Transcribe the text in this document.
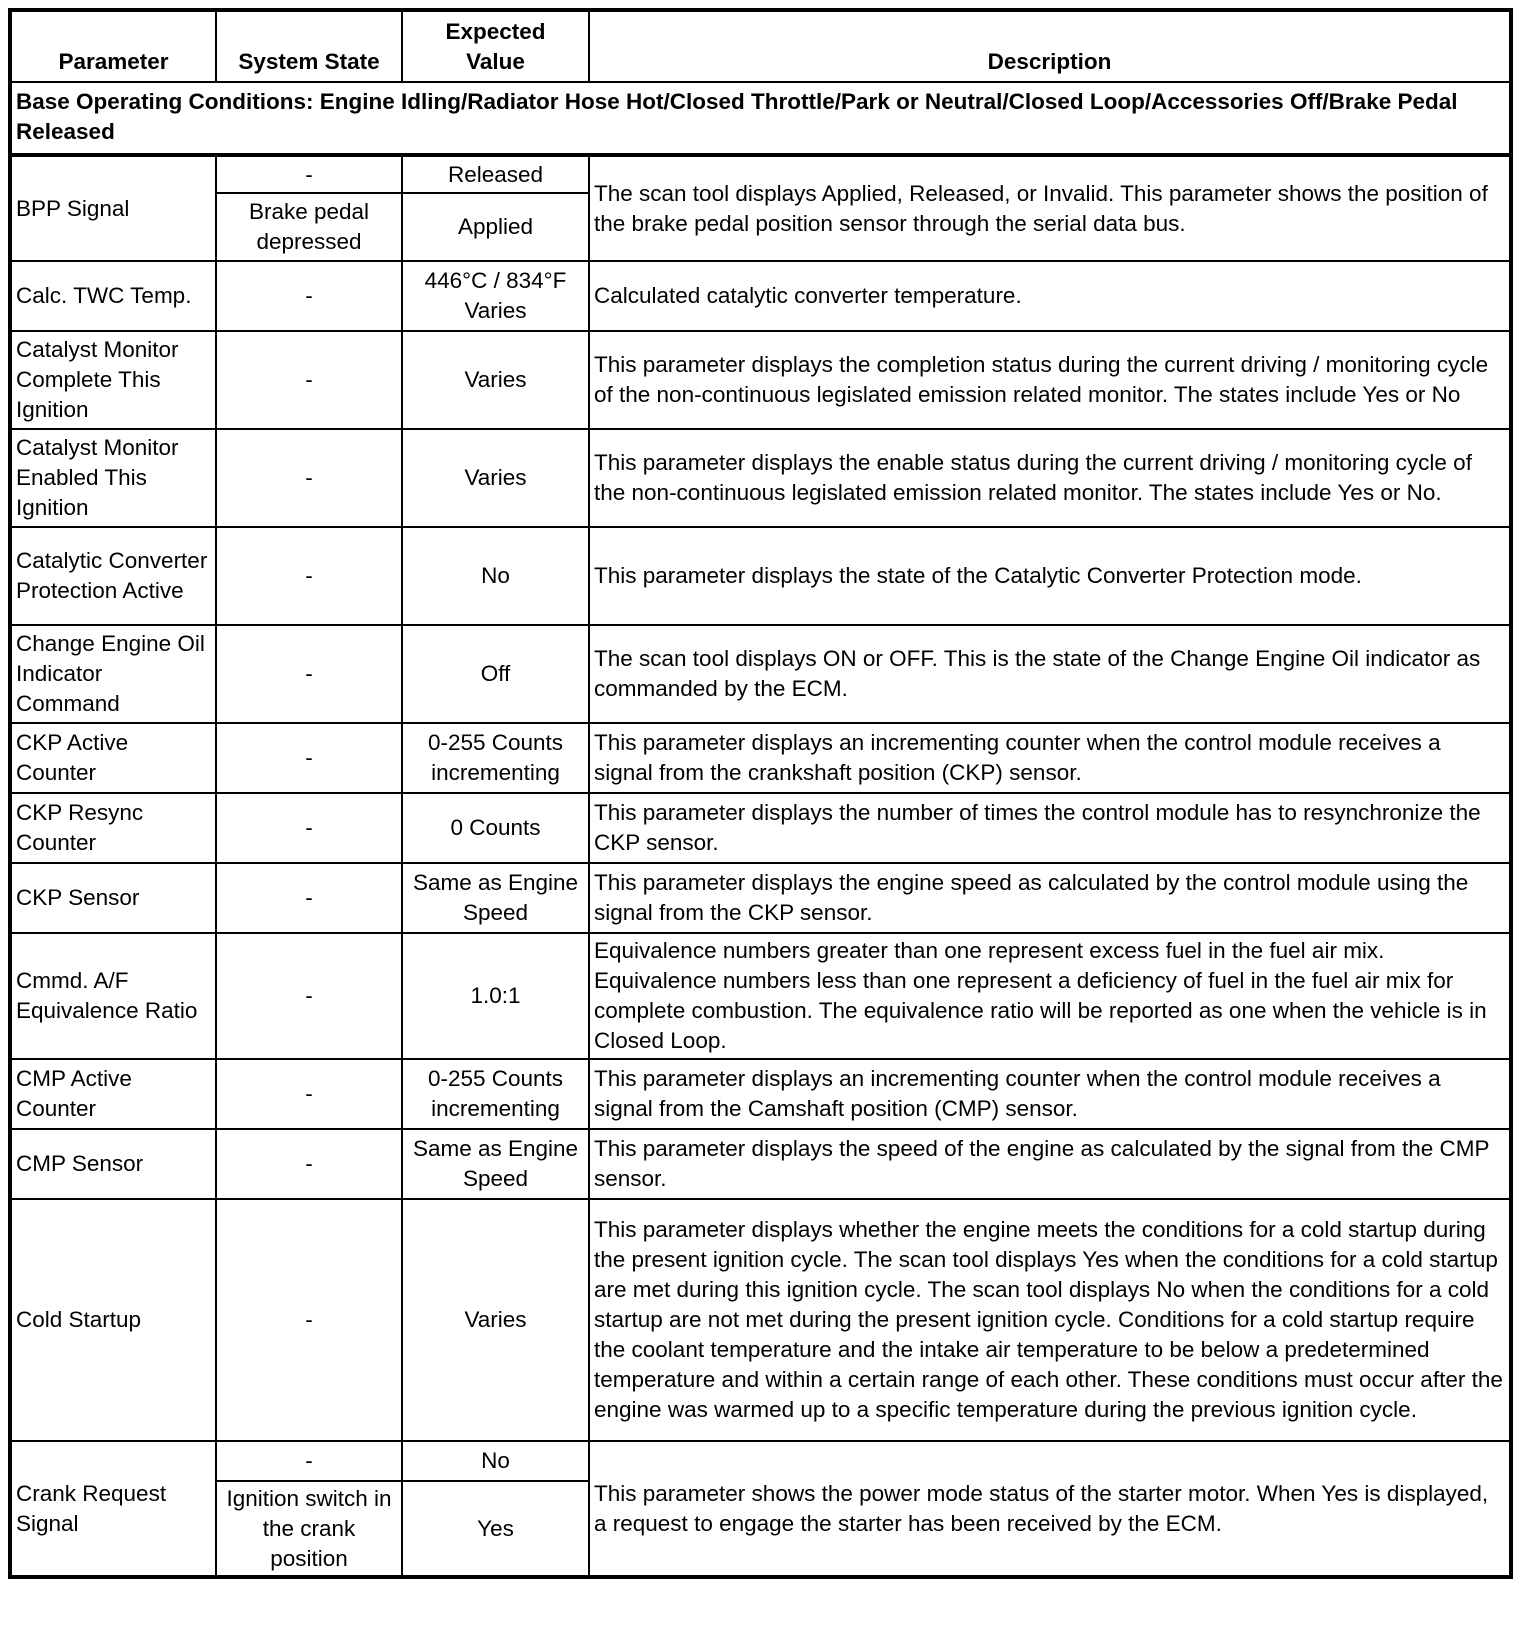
Parameter	System State	Expected Value	Description
Base Operating Conditions: Engine Idling/Radiator Hose Hot/Closed Throttle/Park or Neutral/Closed Loop/Accessories Off/Brake Pedal Released			
BPP Signal	-	Released	The scan tool displays Applied, Released, or Invalid. This parameter shows the position of the brake pedal position sensor through the serial data bus.
	Brake pedal depressed	Applied	
Calc. TWC Temp.	-	446°C / 834°F Varies	Calculated catalytic converter temperature.
Catalyst Monitor Complete This Ignition	-	Varies	This parameter displays the completion status during the current driving / monitoring cycle of the non-continuous legislated emission related monitor. The states include Yes or No
Catalyst Monitor Enabled This Ignition	-	Varies	This parameter displays the enable status during the current driving / monitoring cycle of the non-continuous legislated emission related monitor. The states include Yes or No.
Catalytic Converter Protection Active	-	No	This parameter displays the state of the Catalytic Converter Protection mode.
Change Engine Oil Indicator Command	-	Off	The scan tool displays ON or OFF. This is the state of the Change Engine Oil indicator as commanded by the ECM.
CKP Active Counter	-	0-255 Counts incrementing	This parameter displays an incrementing counter when the control module receives a signal from the crankshaft position (CKP) sensor.
CKP Resync Counter	-	0 Counts	This parameter displays the number of times the control module has to resynchronize the CKP sensor.
CKP Sensor	-	Same as Engine Speed	This parameter displays the engine speed as calculated by the control module using the signal from the CKP sensor.
Cmmd. A/F Equivalence Ratio	-	1.0:1	Equivalence numbers greater than one represent excess fuel in the fuel air mix. Equivalence numbers less than one represent a deficiency of fuel in the fuel air mix for complete combustion. The equivalence ratio will be reported as one when the vehicle is in Closed Loop.
CMP Active Counter	-	0-255 Counts incrementing	This parameter displays an incrementing counter when the control module receives a signal from the Camshaft position (CMP) sensor.
CMP Sensor	-	Same as Engine Speed	This parameter displays the speed of the engine as calculated by the signal from the CMP sensor.
Cold Startup	-	Varies	This parameter displays whether the engine meets the conditions for a cold startup during the present ignition cycle. The scan tool displays Yes when the conditions for a cold startup are met during this ignition cycle. The scan tool displays No when the conditions for a cold startup are not met during the present ignition cycle. Conditions for a cold startup require the coolant temperature and the intake air temperature to be below a predetermined temperature and within a certain range of each other. These conditions must occur after the engine was warmed up to a specific temperature during the previous ignition cycle.
Crank Request Signal	-	No	This parameter shows the power mode status of the starter motor. When Yes is displayed, a request to engage the starter has been received by the ECM.
	Ignition switch in the crank position	Yes	
